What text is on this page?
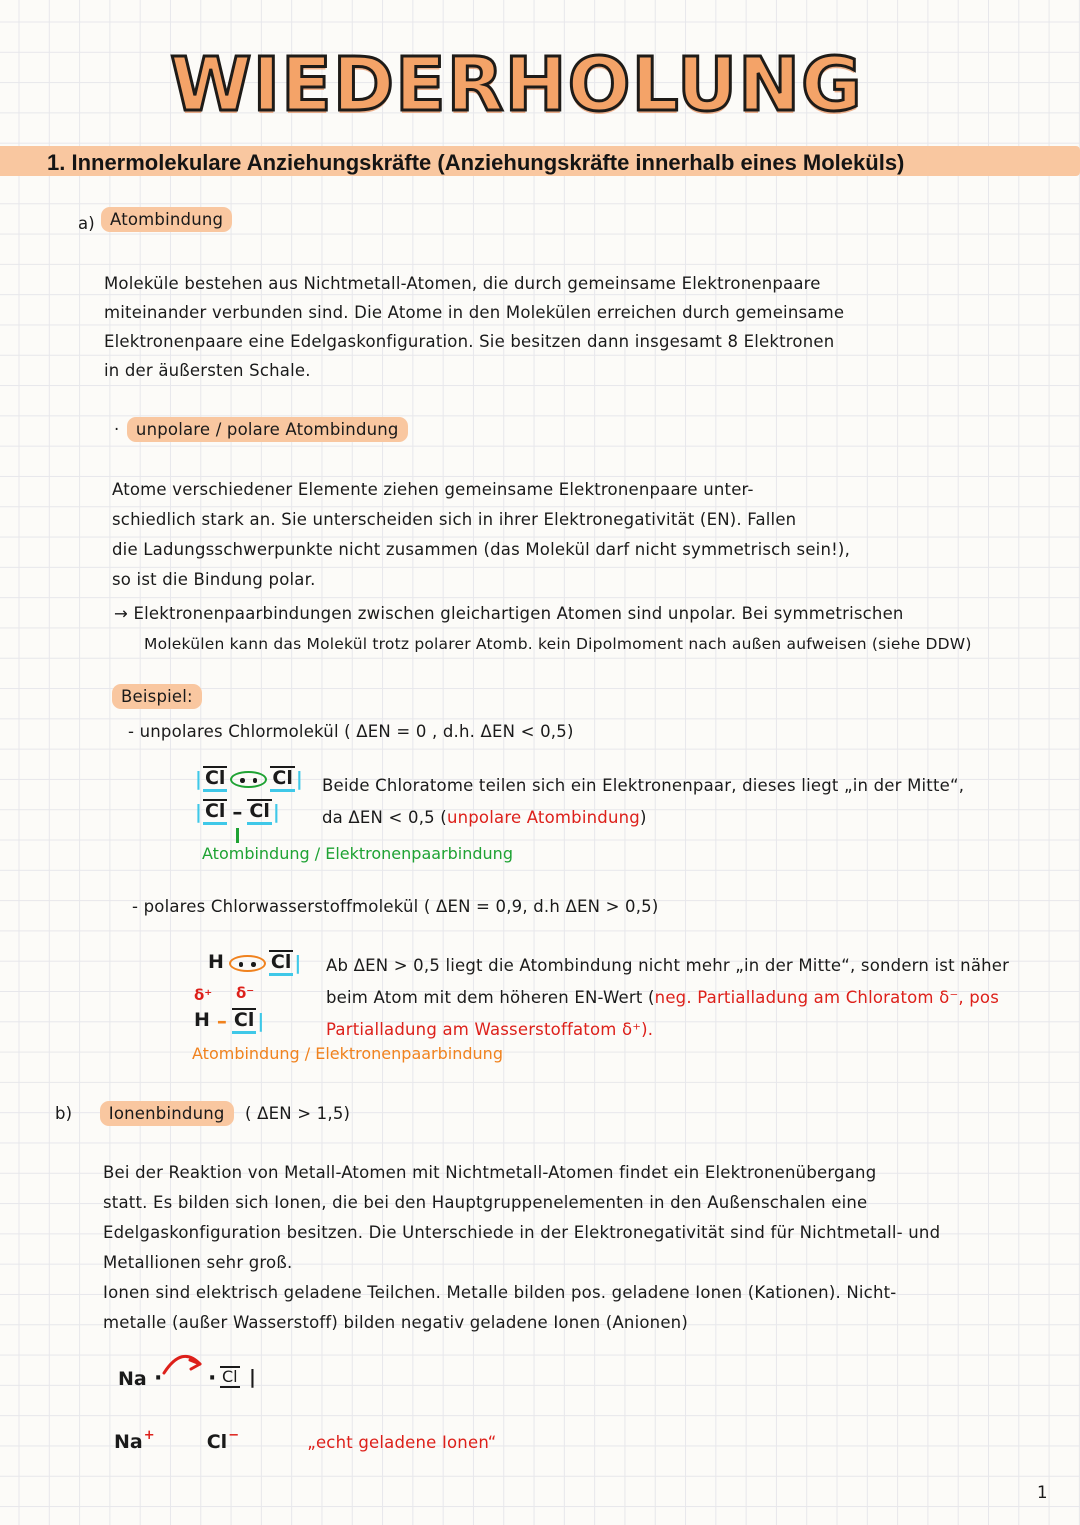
WIEDERHOLUNG
1. Innermolekulare Anziehungskräfte (Anziehungskräfte innerhalb eines Moleküls)
a) Atombindung
Moleküle bestehen aus Nichtmetall-Atomen, die durch gemeinsame Elektronenpaare
miteinander verbunden sind. Die Atome in den Molekülen erreichen durch gemeinsame
Elektronenpaare eine Edelgaskonfiguration. Sie besitzen dann insgesamt 8 Elektronen
in der äußersten Schale.
· unpolare / polare Atombindung
Atome verschiedener Elemente ziehen gemeinsame Elektronenpaare unter-
schiedlich stark an. Sie unterscheiden sich in ihrer Elektronegativität (EN). Fallen
die Ladungsschwerpunkte nicht zusammen (das Molekül darf nicht symmetrisch sein!),
so ist die Bindung polar.
→ Elektronenpaarbindungen zwischen gleichartigen Atomen sind unpolar. Bei symmetrischen
Molekülen kann das Molekül trotz polarer Atomb. kein Dipolmoment nach außen aufweisen (siehe DDW)
Beispiel:
- unpolares Chlormolekül ( ΔEN = 0 , d.h. ΔEN < 0,5)
| Cl Cl |
| Cl – Cl |
Atombindung / Elektronenpaarbindung
Beide Chloratome teilen sich ein Elektronenpaar, dieses liegt „in der Mitte“,
da ΔEN < 0,5 (unpolare Atombindung)
- polares Chlorwasserstoffmolekül ( ΔEN = 0,9, d.h ΔEN > 0,5)
H Cl |
δ⁺ δ⁻
H – Cl |
Atombindung / Elektronenpaarbindung
Ab ΔEN > 0,5 liegt die Atombindung nicht mehr „in der Mitte“, sondern ist näher
beim Atom mit dem höheren EN-Wert (neg. Partialladung am Chloratom δ⁻, pos
Partialladung am Wasserstoffatom δ⁺).
b) Ionenbindung ( ΔEN > 1,5)
Bei der Reaktion von Metall-Atomen mit Nichtmetall-Atomen findet ein Elektronenübergang
statt. Es bilden sich Ionen, die bei den Hauptgruppenelementen in den Außenschalen eine
Edelgaskonfiguration besitzen. Die Unterschiede in der Elektronegativität sind für Nichtmetall- und
Metallionen sehr groß.
Ionen sind elektrisch geladene Teilchen. Metalle bilden pos. geladene Ionen (Kationen). Nicht-
metalle (außer Wasserstoff) bilden negativ geladene Ionen (Anionen)
Na · · Cl |
Na+	Cl−	„echt geladene Ionen“
1
